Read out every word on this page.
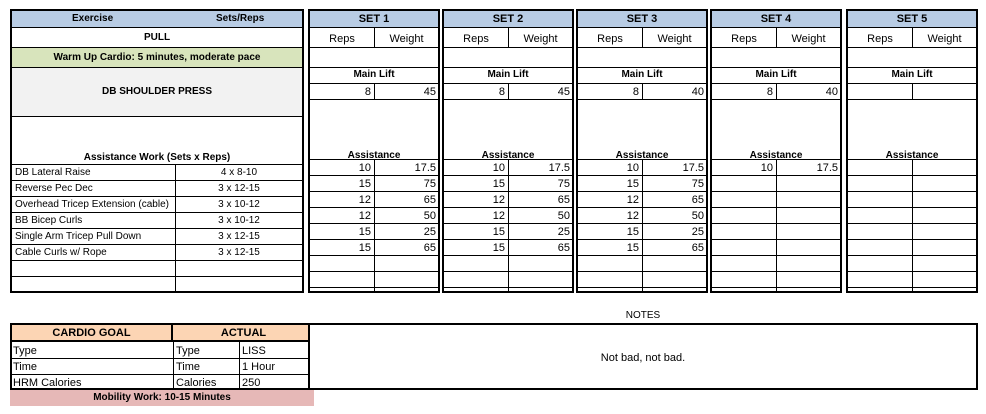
Exercise	Sets/Reps
PULL
Warm Up Cardio: 5 minutes, moderate pace
DB SHOULDER PRESS
Assistance Work (Sets x Reps)
DB Lateral Raise	4 x 8-10
Reverse Pec Dec	3 x 12-15
Overhead Tricep Extension (cable)	3 x 10-12
BB Bicep Curls	3 x 10-12
Single Arm Tricep Pull Down	3 x 12-15
Cable Curls w/ Rope	3 x 12-15
SET 1
Reps	Weight
Main Lift
8	45
Assistance
10	17.5
15	75
12	65
12	50
15	25
15	65
SET 2
Reps	Weight
Main Lift
8	45
Assistance
10	17.5
15	75
12	65
12	50
15	25
15	65
SET 3
Reps	Weight
Main Lift
8	40
Assistance
10	17.5
15	75
12	65
12	50
15	25
15	65
SET 4
Reps	Weight
Main Lift
8	40
Assistance
10	17.5
SET 5
Reps	Weight
Main Lift
Assistance
CARDIO GOAL	ACTUAL
Type	Type	LISS
Time	Time	1 Hour
HRM Calories	Calories 250
Mobility Work: 10-15 Minutes
NOTES
Not bad, not bad.
